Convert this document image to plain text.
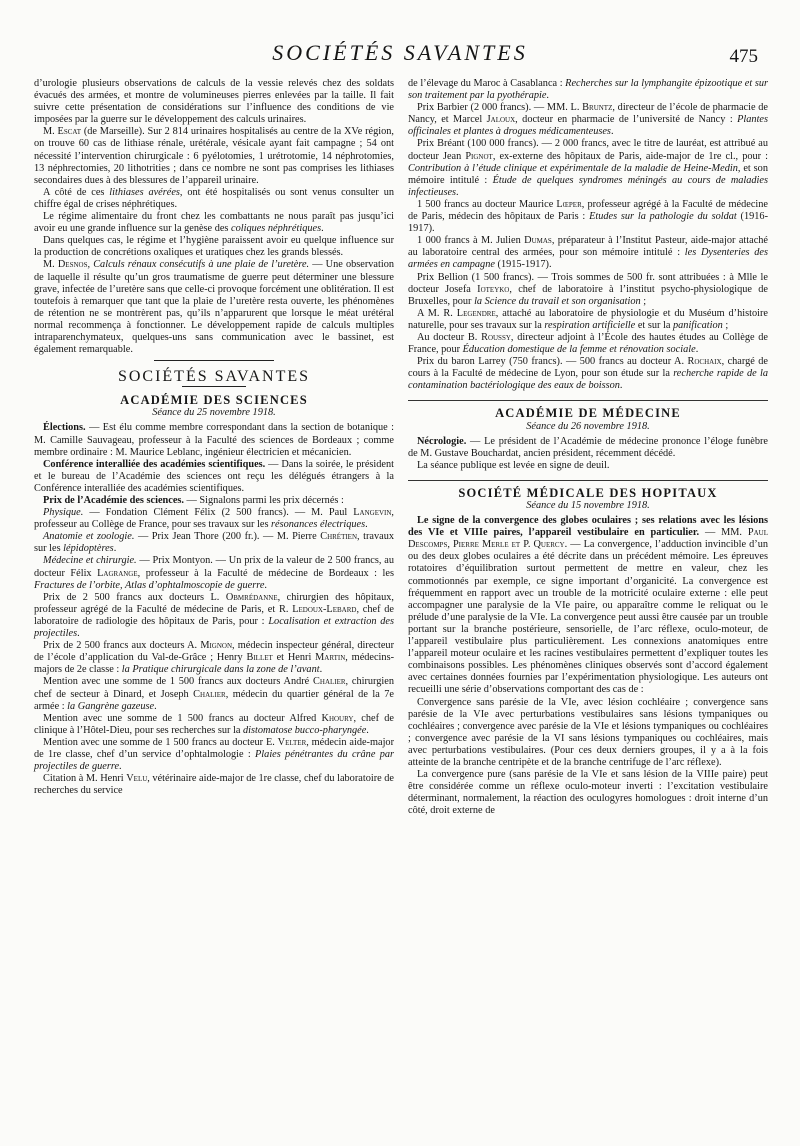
SOCIÉTÉS SAVANTES	475

d’urologie plusieurs observations de calculs de la vessie relevés chez des soldats évacués des armées, et montre de volumineuses pierres enlevées par la taille. Il fait suivre cette présentation de considérations sur l’influence des conditions de vie imposées par la guerre sur le développement des calculs urinaires.

M. Escat (de Marseille). Sur 2 814 urinaires hospitalisés au centre de la XVe région, on trouve 60 cas de lithiase rénale, urétérale, vésicale ayant fait campagne ; 54 ont nécessité l’intervention chirurgicale : 6 pyélotomies, 1 urétrotomie, 14 néphrotomies, 13 néphrectomies, 20 lithotrities ; dans ce nombre ne sont pas comprises les lithiases secondaires dues à des blessures de l’appareil urinaire.

A côté de ces lithiases avérées, ont été hospitalisés ou sont venus consulter un chiffre égal de crises néphrétiques.

Le régime alimentaire du front chez les combattants ne nous paraît pas jusqu’ici avoir eu une grande influence sur la genèse des coliques néphrétiques.

Dans quelques cas, le régime et l’hygiène paraissent avoir eu quelque influence sur la production de concrétions oxaliques et uratiques chez les grands blessés.

M. Desnos, Calculs rénaux consécutifs à une plaie de l’uretère. — Une observation de laquelle il résulte qu’un gros traumatisme de guerre peut déterminer une blessure grave, infectée de l’uretère sans que celle-ci provoque forcément une oblitération. Il est toutefois à remarquer que tant que la plaie de l’uretère resta ouverte, les phénomènes de rétention ne se montrèrent pas, qu’ils n’apparurent que lorsque le méat urétéral normal recommença à fonctionner. Le développement rapide de calculs multiples intraparenchymateux, quelques-uns sans communication avec le bassinet, est également remarquable.

SOCIÉTÉS SAVANTES
ACADÉMIE DES SCIENCES
Séance du 25 novembre 1918.

Élections. — Est élu comme membre correspondant dans la section de botanique : M. Camille Sauvageau, professeur à la Faculté des sciences de Bordeaux ; comme membre ordinaire : M. Maurice Leblanc, ingénieur électricien et mécanicien.

Conférence interalliée des académies scientifiques. — Dans la soirée, le président et le bureau de l’Académie des sciences ont reçu les délégués étrangers à la Conférence interalliée des académies scientifiques.

Prix de l’Académie des sciences. — Signalons parmi les prix décernés :

Physique. — Fondation Clément Félix (2 500 francs). — M. Paul Langevin, professeur au Collège de France, pour ses travaux sur les résonances électriques.

Anatomie et zoologie. — Prix Jean Thore (200 fr.). — M. Pierre Chrétien, travaux sur les lépidoptères.

Médecine et chirurgie. — Prix Montyon. — Un prix de la valeur de 2 500 francs, au docteur Félix Lagrange, professeur à la Faculté de médecine de Bordeaux : les Fractures de l’orbite, Atlas d’ophtalmoscopie de guerre.

Prix de 2 500 francs aux docteurs L. Obmrédanne, chirurgien des hôpitaux, professeur agrégé de la Faculté de médecine de Paris, et R. Ledoux-Lebard, chef de laboratoire de radiologie des hôpitaux de Paris, pour : Localisation et extraction des projectiles.

Prix de 2 500 francs aux docteurs A. Mignon, médecin inspecteur général, directeur de l’école d’application du Val-de-Grâce ; Henry Billet et Henri Martin, médecins-majors de 2e classe : la Pratique chirurgicale dans la zone de l’avant.

Mention avec une somme de 1 500 francs aux docteurs André Chalier, chirurgien chef de secteur à Dinard, et Joseph Chalier, médecin du quartier général de la 7e armée : la Gangrène gazeuse.

Mention avec une somme de 1 500 francs au docteur Alfred Khoury, chef de clinique à l’Hôtel-Dieu, pour ses recherches sur la distomatose bucco-pharyngée.

Mention avec une somme de 1 500 francs au docteur E. Velter, médecin aide-major de 1re classe, chef d’un service d’ophtalmologie : Plaies pénétrantes du crâne par projectiles de guerre.

Citation à M. Henri Velu, vétérinaire aide-major de 1re classe, chef du laboratoire de recherches du service

de l’élevage du Maroc à Casablanca : Recherches sur la lymphangite épizootique et sur son traitement par la pyothérapie.

Prix Barbier (2 000 francs). — MM. L. Bruntz, directeur de l’école de pharmacie de Nancy, et Marcel Jaloux, docteur en pharmacie de l’université de Nancy : Plantes officinales et plantes à drogues médicamenteuses.

Prix Bréant (100 000 francs). — 2 000 francs, avec le titre de lauréat, est attribué au docteur Jean Pignot, ex-externe des hôpitaux de Paris, aide-major de 1re cl., pour : Contribution à l’étude clinique et expérimentale de la maladie de Heine-Medin, et son mémoire intitulé : Étude de quelques syndromes méningés au cours de maladies infectieuses.

1 500 francs au docteur Maurice Lœper, professeur agrégé à la Faculté de médecine de Paris, médecin des hôpitaux de Paris : Etudes sur la pathologie du soldat (1916-1917).

1 000 francs à M. Julien Dumas, préparateur à l’Institut Pasteur, aide-major attaché au laboratoire central des armées, pour son mémoire intitulé : les Dysenteries des armées en campagne (1915-1917).

Prix Bellion (1 500 francs). — Trois sommes de 500 fr. sont attribuées : à Mlle le docteur Josefa Ioteyko, chef de laboratoire à l’institut psycho-physiologique de Bruxelles, pour la Science du travail et son organisation ;

A M. R. Legendre, attaché au laboratoire de physiologie et du Muséum d’histoire naturelle, pour ses travaux sur la respiration artificielle et sur la panification ;

Au docteur B. Roussy, directeur adjoint à l’École des hautes études au Collège de France, pour Éducation domestique de la femme et rénovation sociale.

Prix du baron Larrey (750 francs). — 500 francs au docteur A. Rochaix, chargé de cours à la Faculté de médecine de Lyon, pour son étude sur la recherche rapide de la contamination bactériologique des eaux de boisson.

ACADÉMIE DE MÉDECINE
Séance du 26 novembre 1918.

Nécrologie. — Le président de l’Académie de médecine prononce l’éloge funèbre de M. Gustave Bouchardat, ancien président, récemment décédé.

La séance publique est levée en signe de deuil.

SOCIÉTÉ MÉDICALE DES HOPITAUX
Séance du 15 novembre 1918.

Le signe de la convergence des globes oculaires ; ses relations avec les lésions des VIe et VIIIe paires, l’appareil vestibulaire en particulier. — MM. Paul Descomps, Pierre Merle et P. Quercy. — La convergence, l’adduction invincible d’un ou des deux globes oculaires a été décrite dans un précédent mémoire. Les épreuves rotatoires d’équilibration surtout permettent de mettre en valeur, chez les commotionnés par exemple, ce signe important d’organicité. La convergence est fréquemment en rapport avec un trouble de la motricité oculaire externe : elle peut accompagner une paralysie de la VIe paire, ou apparaître comme le reliquat ou le prélude d’une paralysie de la VIe. La convergence peut aussi être causée par un trouble portant sur la branche postérieure, sensorielle, de l’arc réflexe, oculo-moteur, de l’appareil vestibulaire plus particulièrement. Les connexions anatomiques entre l’appareil moteur oculaire et les racines vestibulaires permettent d’expliquer toutes les combinaisons possibles. Les phénomènes cliniques observés sont d’accord également avec certaines données fournies par l’expérimentation physiologique. Les auteurs ont recueilli une série d’observations comportant des cas de :

Convergence sans parésie de la VIe, avec lésion cochléaire ; convergence sans parésie de la VIe avec perturbations vestibulaires sans lésions tympaniques ou cochléaires ; convergence avec parésie de la VIe et lésions tympaniques ou cochléaires ; convergence avec parésie de la VI sans lésions tympaniques ou cochléaires, mais avec perturbations vestibulaires. (Pour ces deux derniers groupes, il y a à la fois atteinte de la branche centripète et de la branche centrifuge de l’arc réflexe).

La convergence pure (sans parésie de la VIe et sans lésion de la VIIIe paire) peut être considérée comme un réflexe oculo-moteur inverti : l’excitation vestibulaire déterminant, normalement, la réaction des oculogyres homologues : droit interne d’un côté, droit externe de
